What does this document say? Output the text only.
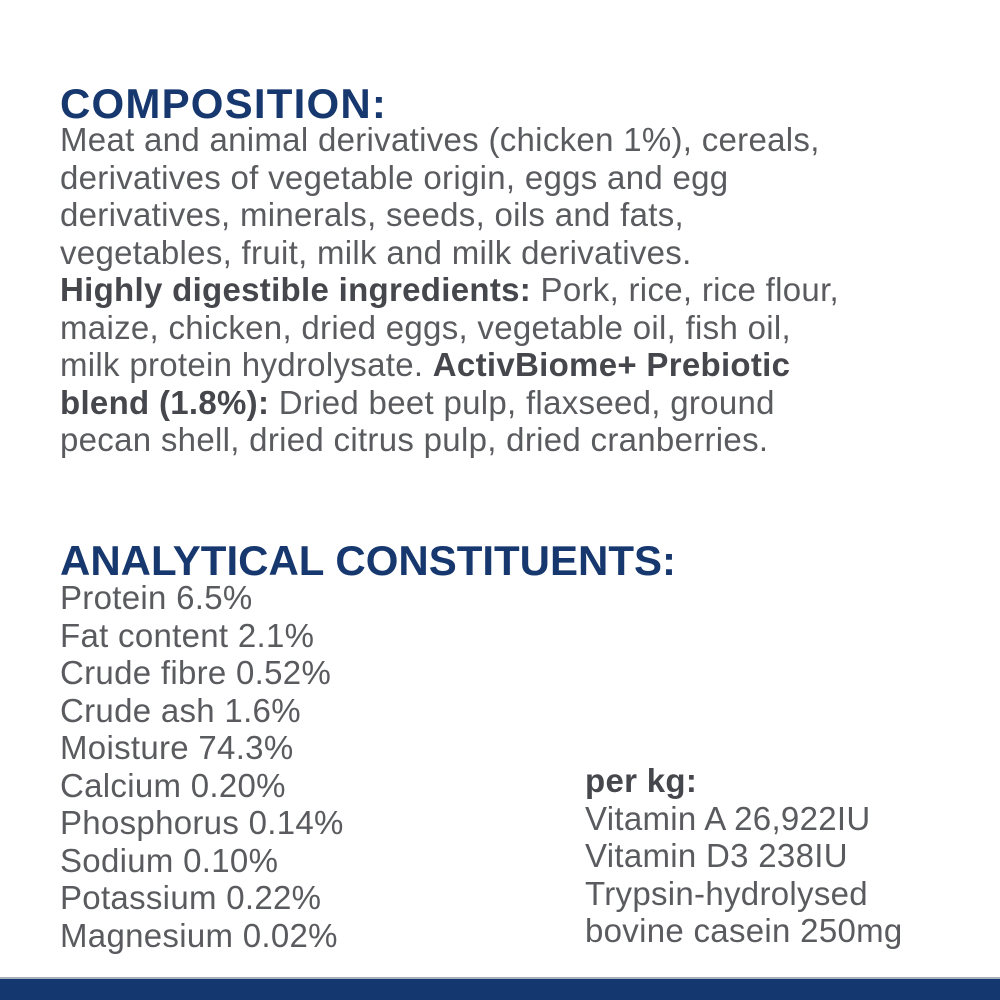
COMPOSITION:
Meat and animal derivatives (chicken 1%), cereals,
derivatives of vegetable origin, eggs and egg
derivatives, minerals, seeds, oils and fats,
vegetables, fruit, milk and milk derivatives.
Highly digestible ingredients: Pork, rice, rice flour,
maize, chicken, dried eggs, vegetable oil, fish oil,
milk protein hydrolysate. ActivBiome+ Prebiotic
blend (1.8%): Dried beet pulp, flaxseed, ground
pecan shell, dried citrus pulp, dried cranberries.
ANALYTICAL CONSTITUENTS:
Protein 6.5%
Fat content 2.1%
Crude fibre 0.52%
Crude ash 1.6%
Moisture 74.3%
Calcium 0.20%
Phosphorus 0.14%
Sodium 0.10%
Potassium 0.22%
Magnesium 0.02%
per kg:
Vitamin A 26,922IU
Vitamin D3 238IU
Trypsin-hydrolysed
bovine casein 250mg
